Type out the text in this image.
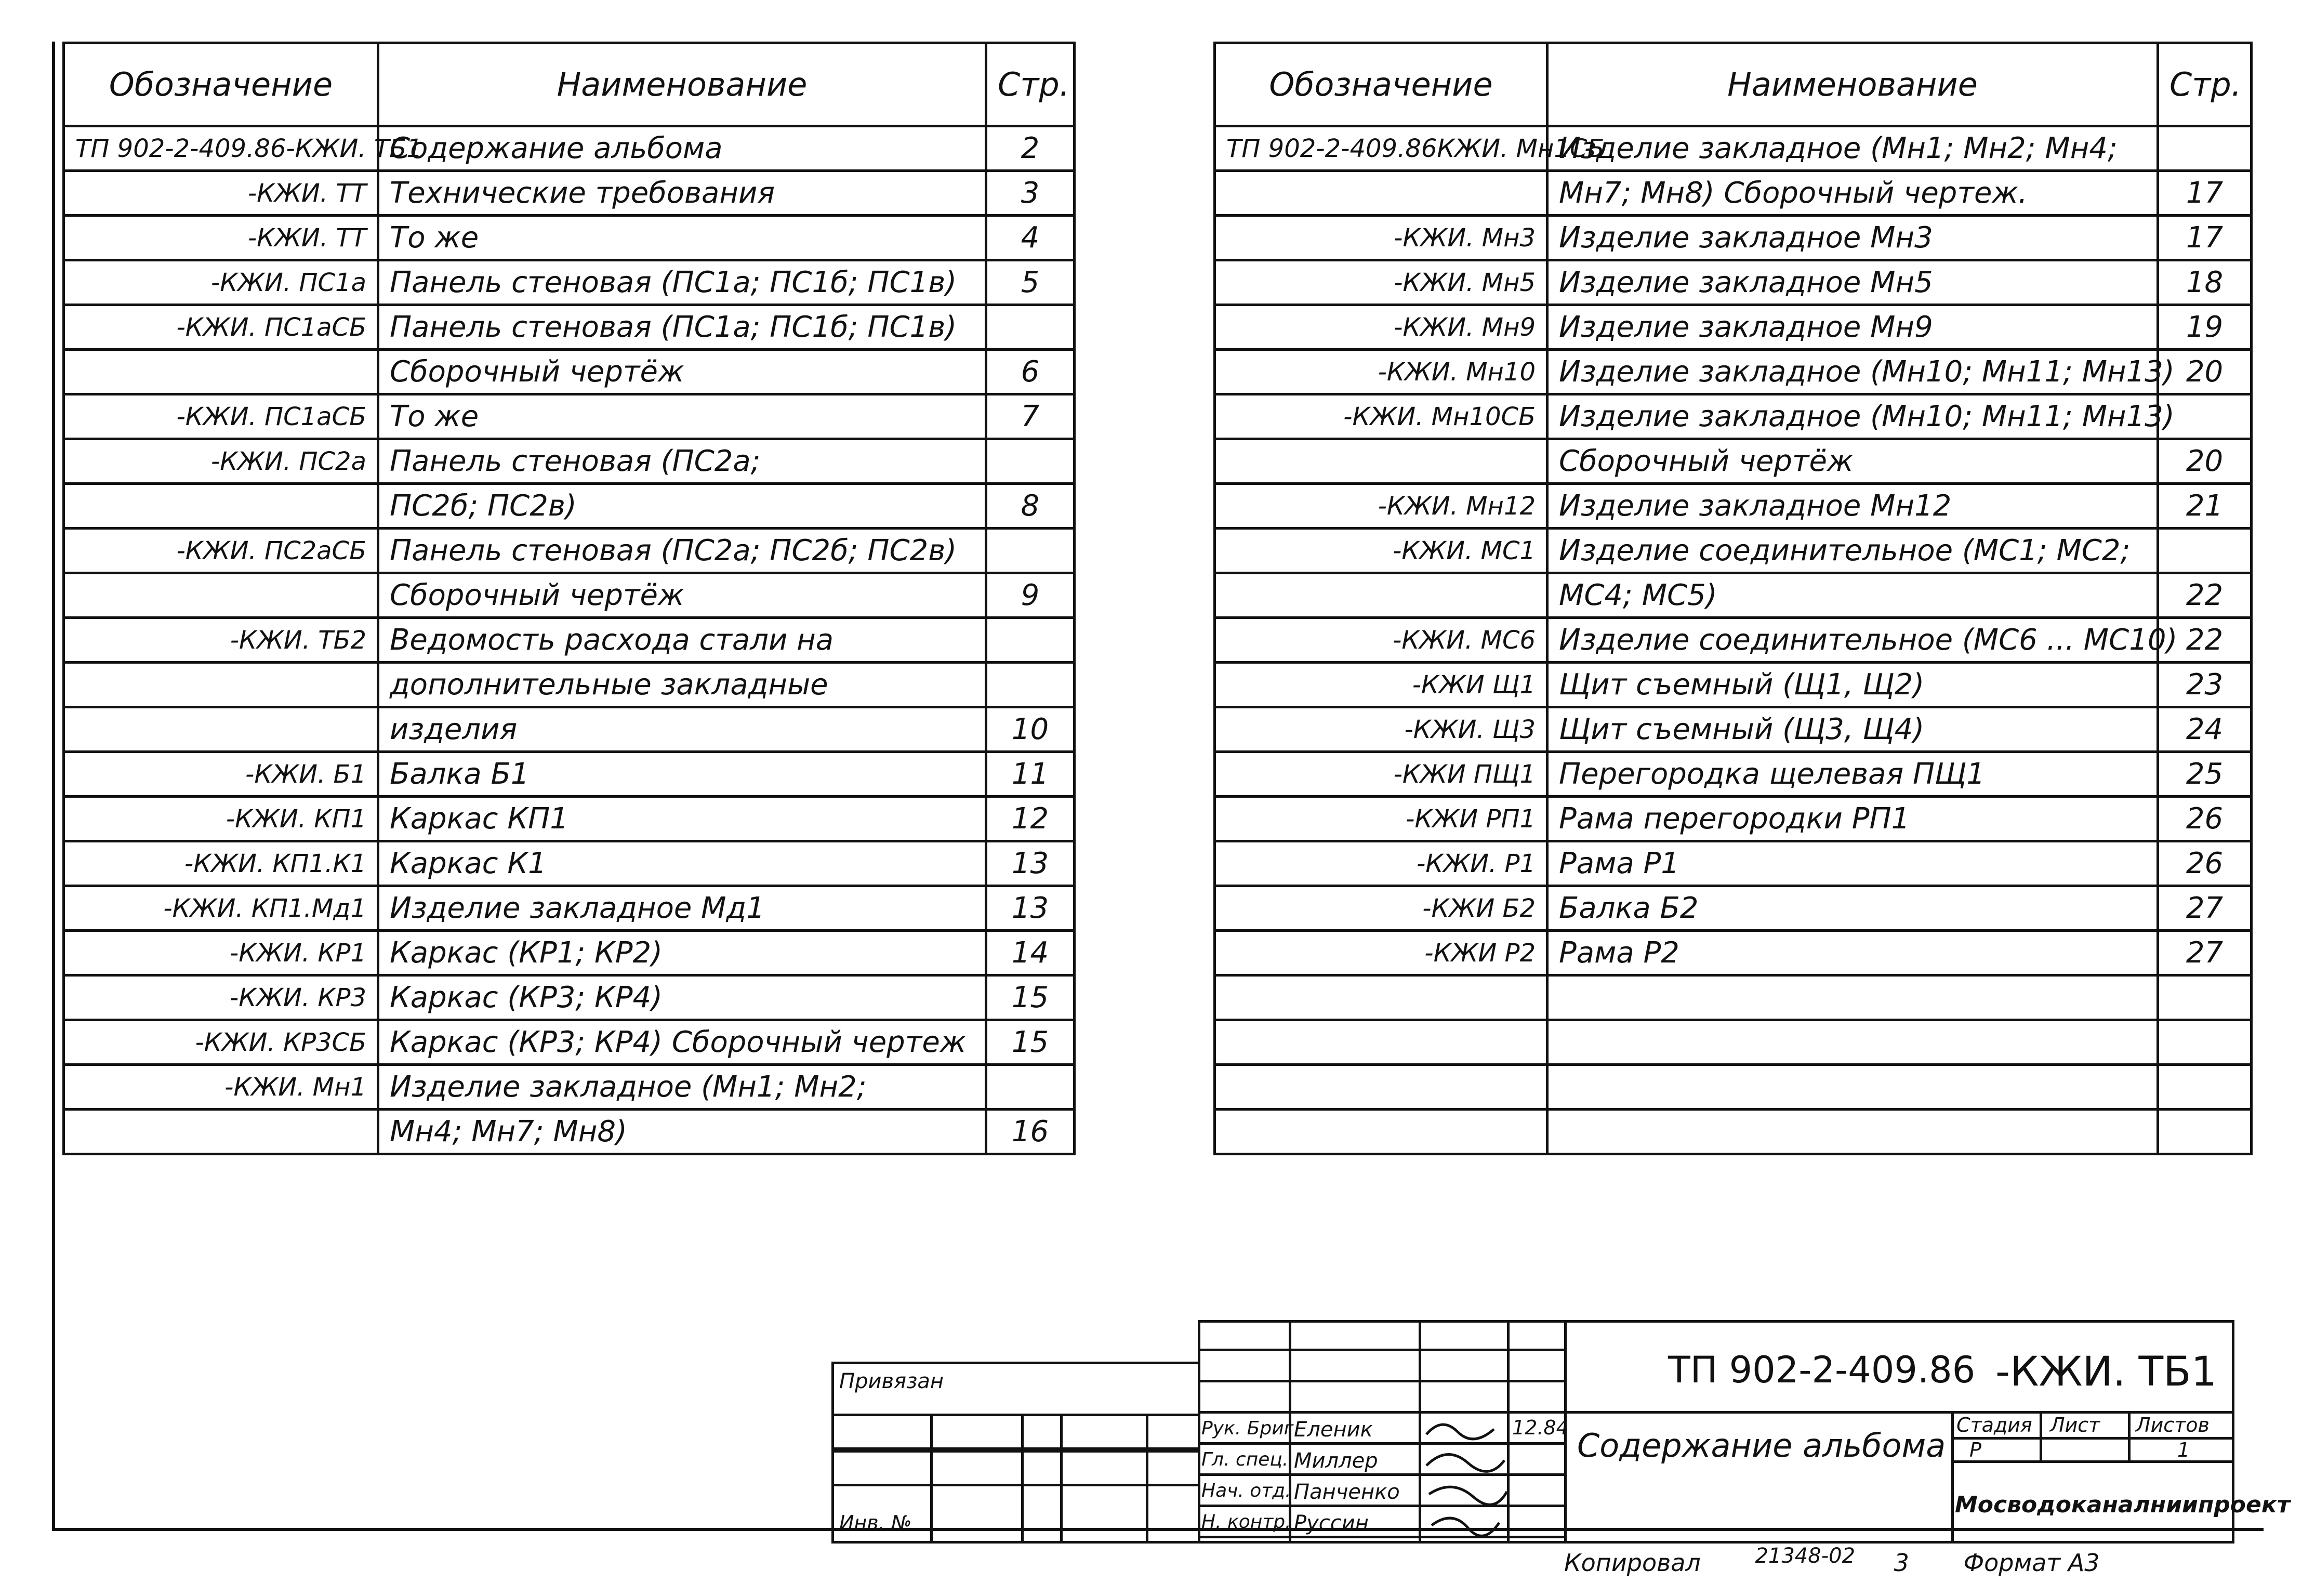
Обозначение	Наименование	Стр.
ТП 902-2-409.86-КЖИ. ТБ1	Содержание альбома	2
-КЖИ. ТТ	Технические требования	3
-КЖИ. ТТ	То же	4
-КЖИ. ПС1а	Панель стеновая (ПС1а; ПС1б; ПС1в)	5
-КЖИ. ПС1аСБ	Панель стеновая (ПС1а; ПС1б; ПС1в)	
	Сборочный чертёж	6
-КЖИ. ПС1аСБ	То же	7
-КЖИ. ПС2а	Панель стеновая (ПС2а;	
	ПС2б; ПС2в)	8
-КЖИ. ПС2аСБ	Панель стеновая (ПС2а; ПС2б; ПС2в)	
	Сборочный чертёж	9
-КЖИ. ТБ2	Ведомость расхода стали на	
	дополнительные закладные	
	изделия	10
-КЖИ. Б1	Балка Б1	11
-КЖИ. КП1	Каркас КП1	12
-КЖИ. КП1.К1	Каркас К1	13
-КЖИ. КП1.Мд1	Изделие закладное Мд1	13
-КЖИ. КР1	Каркас (КР1; КР2)	14
-КЖИ. КР3	Каркас (КР3; КР4)	15
-КЖИ. КР3СБ	Каркас (КР3; КР4) Сборочный чертеж	15
-КЖИ. Мн1	Изделие закладное (Мн1; Мн2;	
	Мн4; Мн7; Мн8)	16
Обозначение	Наименование	Стр.
ТП 902-2-409.86КЖИ. Мн1СБ	Изделие закладное (Мн1; Мн2; Мн4;	
	Мн7; Мн8) Сборочный чертеж.	17
-КЖИ. Мн3	Изделие закладное Мн3	17
-КЖИ. Мн5	Изделие закладное Мн5	18
-КЖИ. Мн9	Изделие закладное Мн9	19
-КЖИ. Мн10	Изделие закладное (Мн10; Мн11; Мн13)	20
-КЖИ. Мн10СБ	Изделие закладное (Мн10; Мн11; Мн13)	
	Сборочный чертёж	20
-КЖИ. Мн12	Изделие закладное Мн12	21
-КЖИ. МС1	Изделие соединительное (МС1; МС2;	
	МС4; МС5)	22
-КЖИ. МС6	Изделие соединительное (МС6 ... МС10)	22
-КЖИ Щ1	Щит съемный (Щ1, Щ2)	23
-КЖИ. Щ3	Щит съемный (Щ3, Щ4)	24
-КЖИ ПЩ1	Перегородка щелевая ПЩ1	25
-КЖИ РП1	Рама перегородки РП1	26
-КЖИ. Р1	Рама Р1	26
-КЖИ Б2	Балка Б2	27
-КЖИ Р2	Рама Р2	27

Привязан
Инв. №
Рук. Бриг.
Еленик
Гл. спец. Миллер
Нач. отд. Панченко
Н. контр. Руссин
12.84
ТП 902-2-409.86 -КЖИ. ТБ1
Содержание альбома
Стадия Лист Листов
Р	1
Мосводоканалниипроект
Копировал	21348-02 3 Формат А3
